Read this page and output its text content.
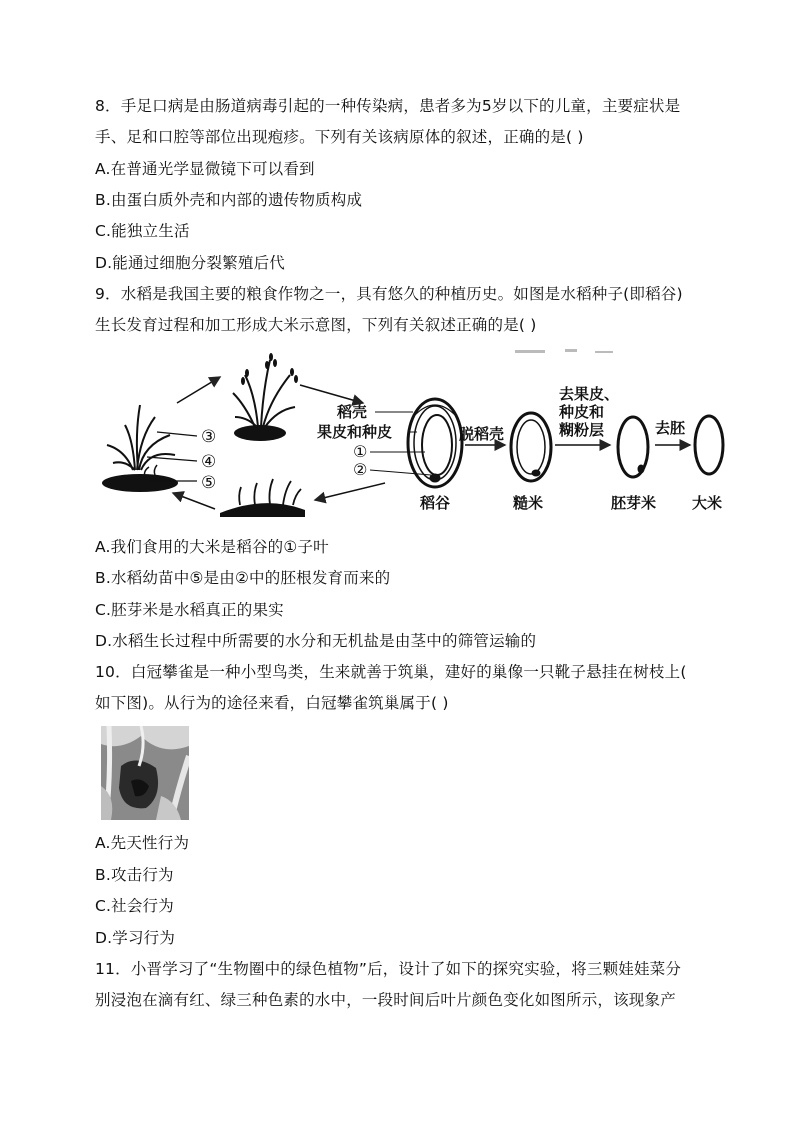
8．手足口病是由肠道病毒引起的一种传染病，患者多为5岁以下的儿童，主要症状是
手、足和口腔等部位出现疱疹。下列有关该病原体的叙述，正确的是( )
A.在普通光学显微镜下可以看到
B.由蛋白质外壳和内部的遗传物质构成
C.能独立生活
D.能通过细胞分裂繁殖后代
9．水稻是我国主要的粮食作物之一，具有悠久的种植历史。如图是水稻种子(即稻谷)
生长发育过程和加工形成大米示意图，下列有关叙述正确的是( )
③
④
⑤
稻壳
果皮和种皮
①
②
脱稻壳
去果皮、
种皮和
糊粉层	去胚
稻谷	糙米	胚芽米 大米
A.我们食用的大米是稻谷的①子叶
B.水稻幼苗中⑤是由②中的胚根发育而来的
C.胚芽米是水稻真正的果实
D.水稻生长过程中所需要的水分和无机盐是由茎中的筛管运输的
10．白冠攀雀是一种小型鸟类，生来就善于筑巢，建好的巢像一只靴子悬挂在树枝上(
如下图)。从行为的途径来看，白冠攀雀筑巢属于( )
A.先天性行为
B.攻击行为
C.社会行为
D.学习行为
11．小晋学习了“生物圈中的绿色植物”后，设计了如下的探究实验，将三颗娃娃菜分
别浸泡在滴有红、绿三种色素的水中，一段时间后叶片颜色变化如图所示，该现象产
